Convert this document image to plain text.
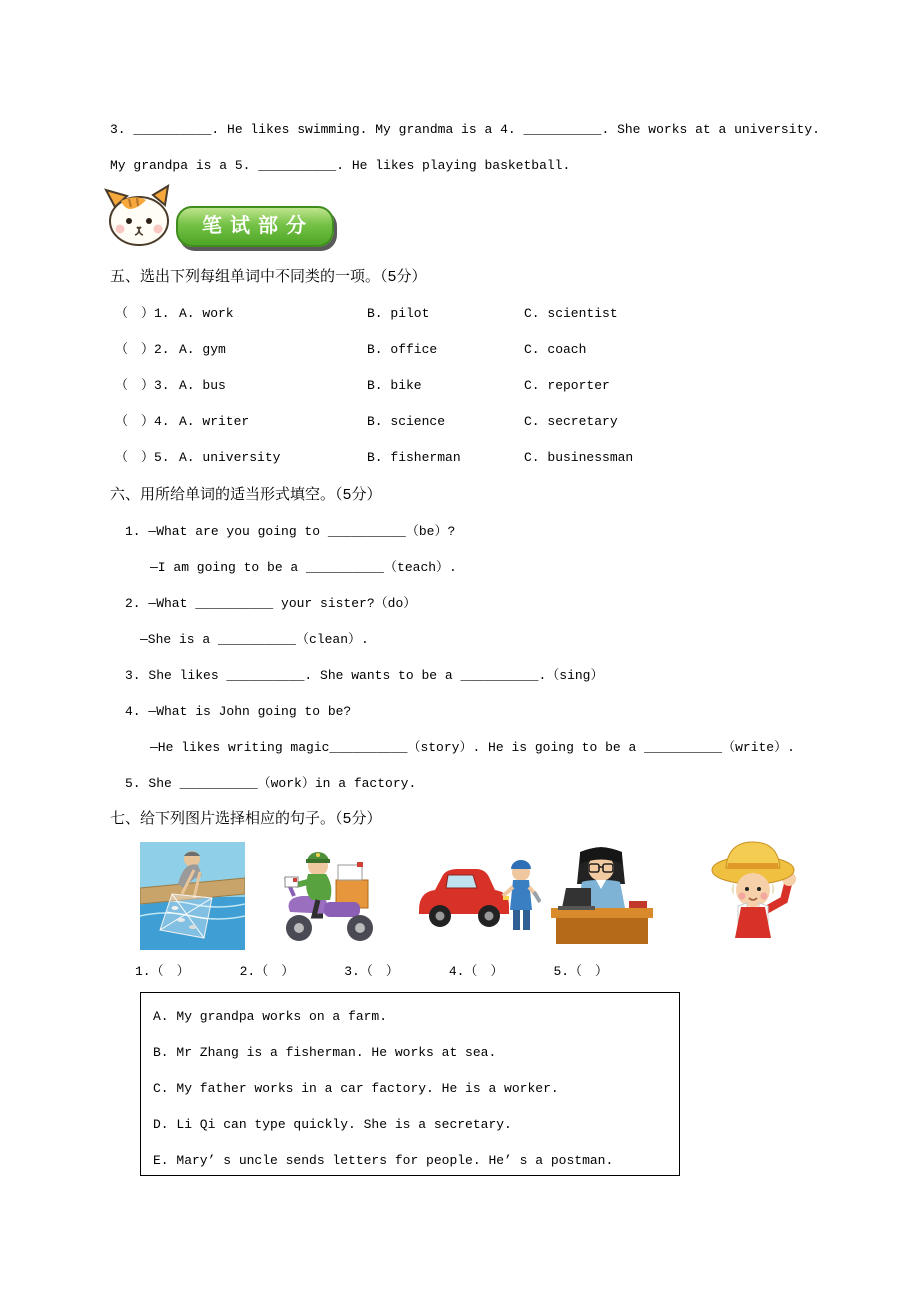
3. __________. He likes swimming. My grandma is a 4. __________. She works at a university.

My grandpa is a 5. __________. He likes playing basketball.

笔试部分

五、选出下列每组单词中不同类的一项。（5分）

（　）1. A. work	B. pilot	C. scientist
（　）2. A. gym	B. office	C. coach
（　）3. A. bus	B. bike	C. reporter
（　）4. A. writer	B. science	C. secretary
（　）5. A. university	B. fisherman	C. businessman

六、用所给单词的适当形式填空。（5分）

1. —What are you going to __________（be）?

—I am going to be a __________（teach）.

2. —What __________ your sister?（do）

—She is a __________（clean）.

3. She likes __________. She wants to be a __________.（sing）

4. —What is John going to be?

—He likes writing magic__________（story）. He is going to be a __________（write）.

5. She __________（work）in a factory.

七、给下列图片选择相应的句子。（5分）

1.（　）	2.（　）	3.（　）	4.（　）	5.（　）

A. My grandpa works on a farm.

B. Mr Zhang is a fisherman. He works at sea.

C. My father works in a car factory. He is a worker.

D. Li Qi can type quickly. She is a secretary.

E. Mary’ s uncle sends letters for people. He’ s a postman.
